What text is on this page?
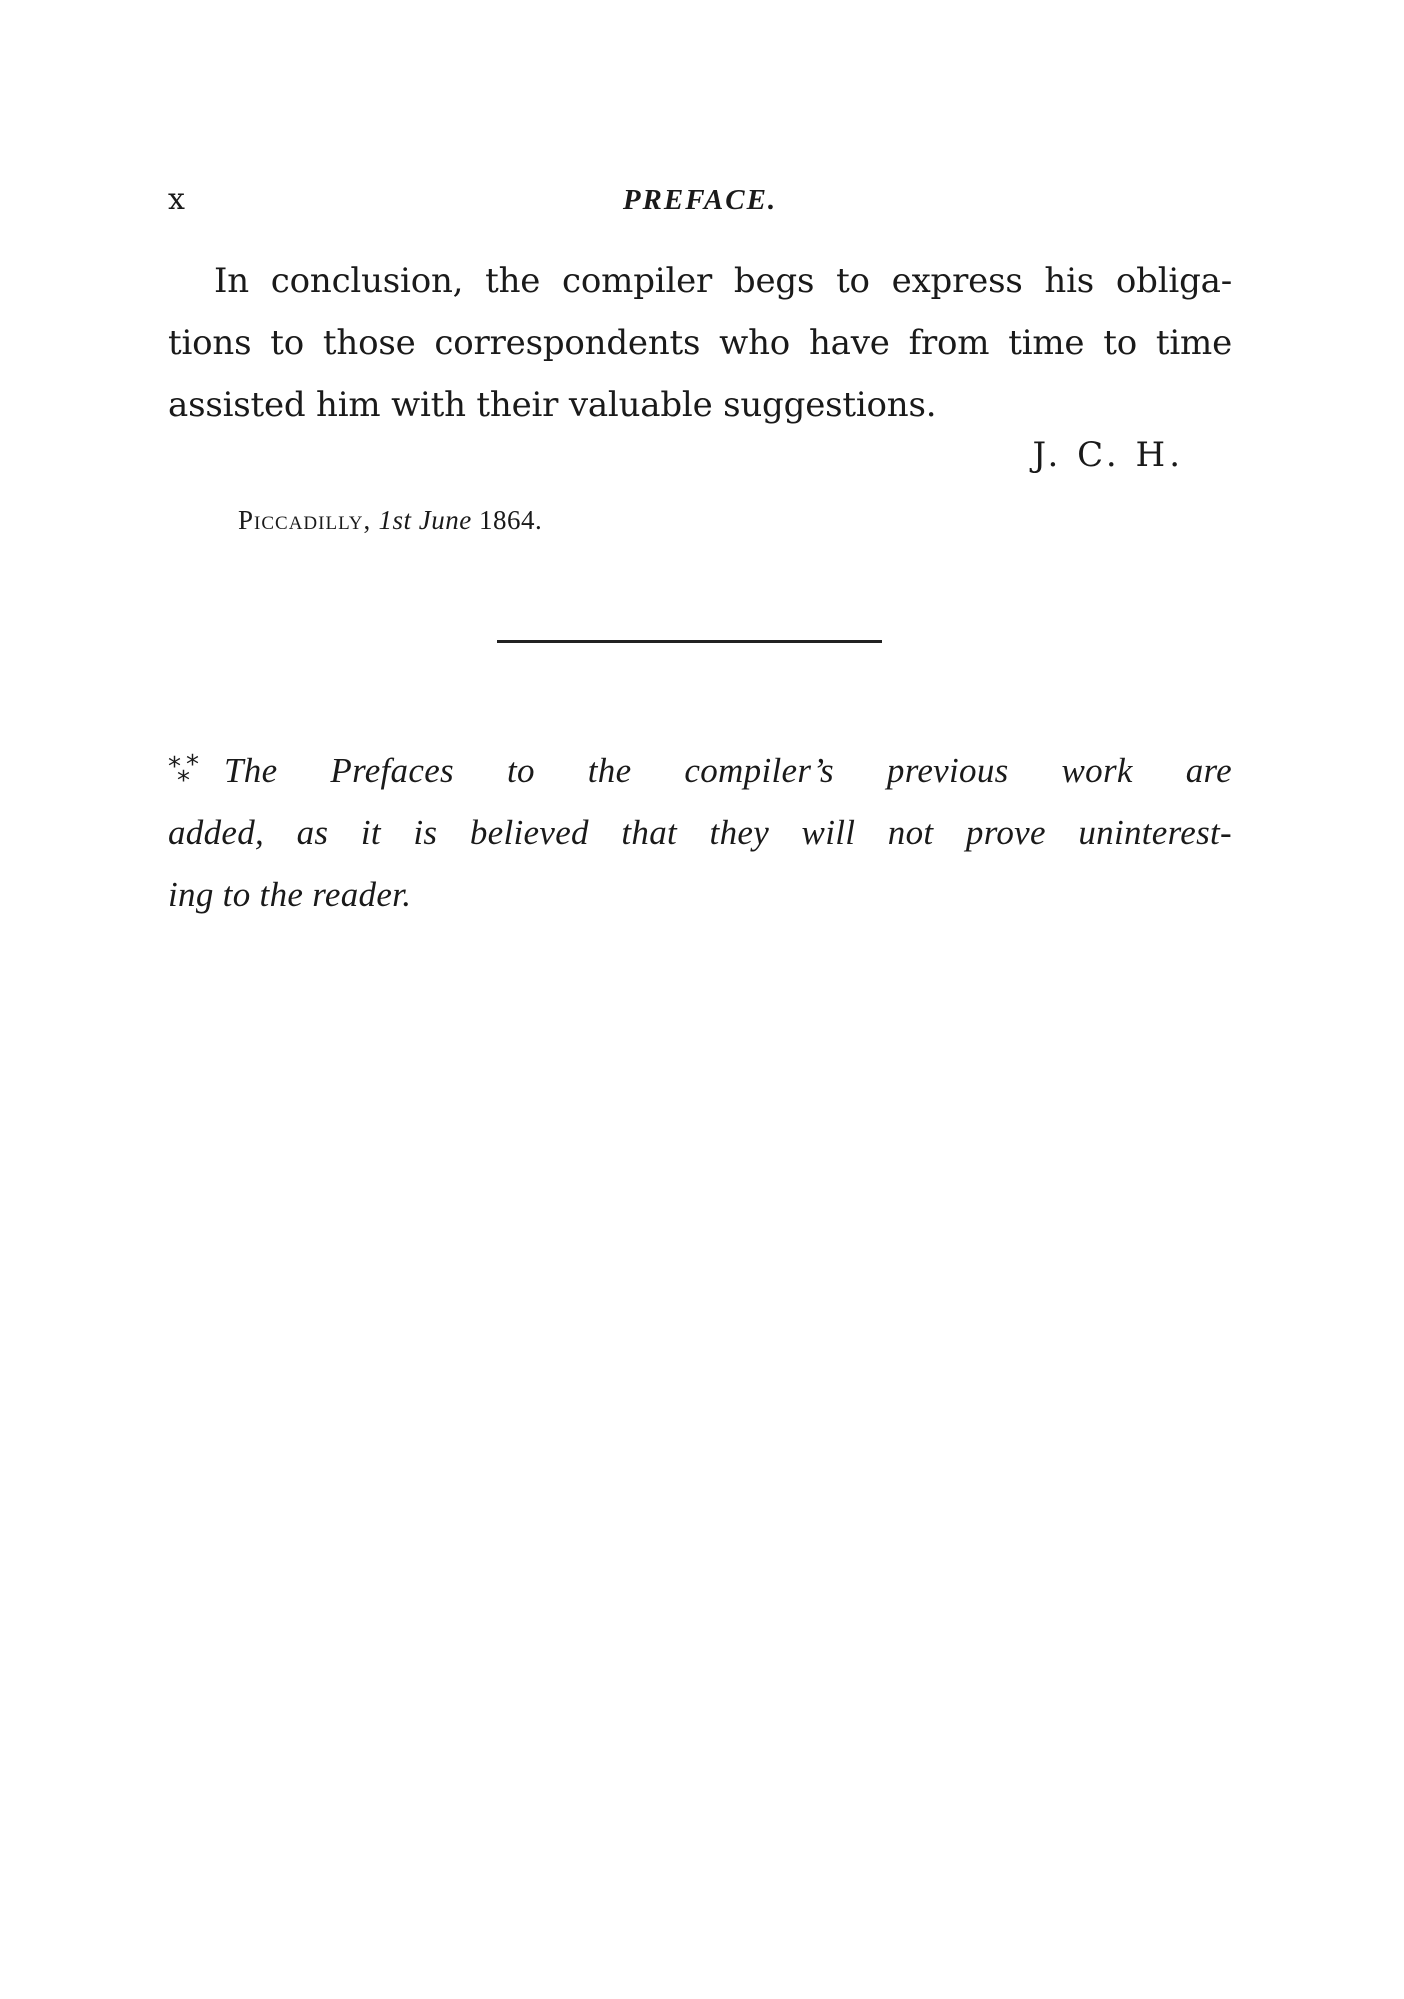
x	PREFACE.
In conclusion, the compiler begs to express his obliga-
tions to those correspondents who have from time to time
assisted him with their valuable suggestions.
J. C. H.
Piccadilly, 1st June 1864.
* *
* The Prefaces to the compiler’s previous work are
added, as it is believed that they will not prove uninterest-
ing to the reader.
